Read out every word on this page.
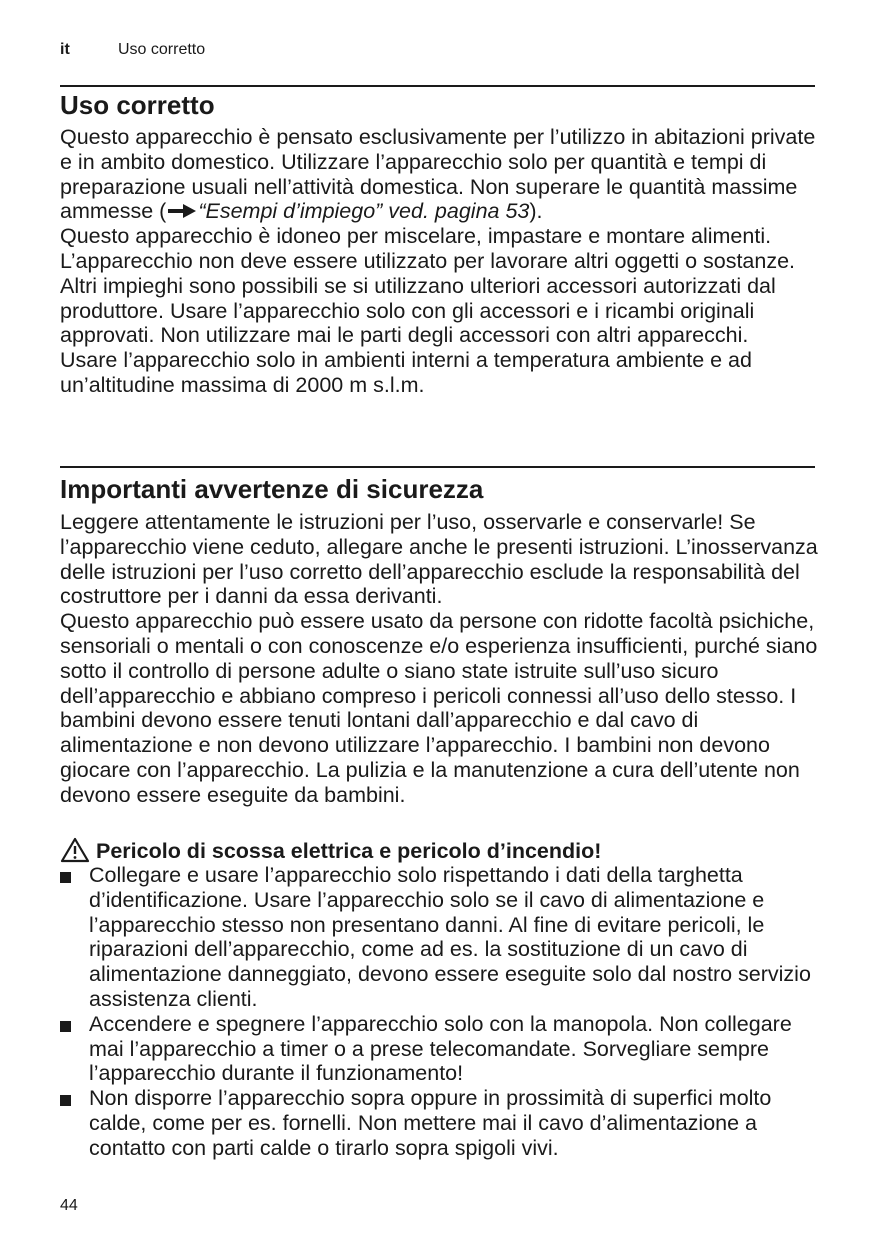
it	Uso corretto
Uso corretto

Questo apparecchio è pensato esclusivamente per l’utilizzo in abitazioni private e in ambito domestico. Utilizzare l’apparecchio solo per quantità e tempi di preparazione usuali nell’attività domestica. Non superare le quantità massime ammesse ( “Esempi d’impiego” ved. pagina 53).

Questo apparecchio è idoneo per miscelare, impastare e montare alimenti. L’apparecchio non deve essere utilizzato per lavorare altri oggetti o sostanze. Altri impieghi sono possibili se si utilizzano ulteriori accessori autorizzati dal produttore. Usare l’apparecchio solo con gli accessori e i ricambi originali approvati. Non utilizzare mai le parti degli accessori con altri apparecchi.

Usare l’apparecchio solo in ambienti interni a temperatura ambiente e ad un’altitudine massima di 2000 m s.l.m.

Importanti avvertenze di sicurezza

Leggere attentamente le istruzioni per l’uso, osservarle e conservarle! Se l’apparecchio viene ceduto, allegare anche le presenti istruzioni. L’inosservanza delle istruzioni per l’uso corretto dell’apparecchio esclude la responsabilità del costruttore per i danni da essa derivanti.

Questo apparecchio può essere usato da persone con ridotte facoltà psichiche, sensoriali o mentali o con conoscenze e/o esperienza insufficienti, purché siano sotto il controllo di persone adulte o siano state istruite sull’uso sicuro dell’apparecchio e abbiano compreso i pericoli connessi all’uso dello stesso. I bambini devono essere tenuti lontani dall’apparecchio e dal cavo di alimentazione e non devono utilizzare l’apparecchio. I bambini non devono giocare con l’apparecchio. La pulizia e la manutenzione a cura dell’utente non devono essere eseguite da bambini.

Pericolo di scossa elettrica e pericolo d’incendio!
Collegare e usare l’apparecchio solo rispettando i dati della targhetta d’identificazione. Usare l’apparecchio solo se il cavo di alimentazione e l’apparecchio stesso non presentano danni. Al fine di evitare pericoli, le riparazioni dell’apparecchio, come ad es. la sostituzione di un cavo di alimentazione danneggiato, devono essere eseguite solo dal nostro servizio assistenza clienti.
Accendere e spegnere l’apparecchio solo con la manopola. Non collegare mai l’apparecchio a timer o a prese telecomandate. Sorvegliare sempre l’apparecchio durante il funzionamento!
Non disporre l’apparecchio sopra oppure in prossimità di superfici molto calde, come per es. fornelli. Non mettere mai il cavo d’alimentazione a contatto con parti calde o tirarlo sopra spigoli vivi.
44
